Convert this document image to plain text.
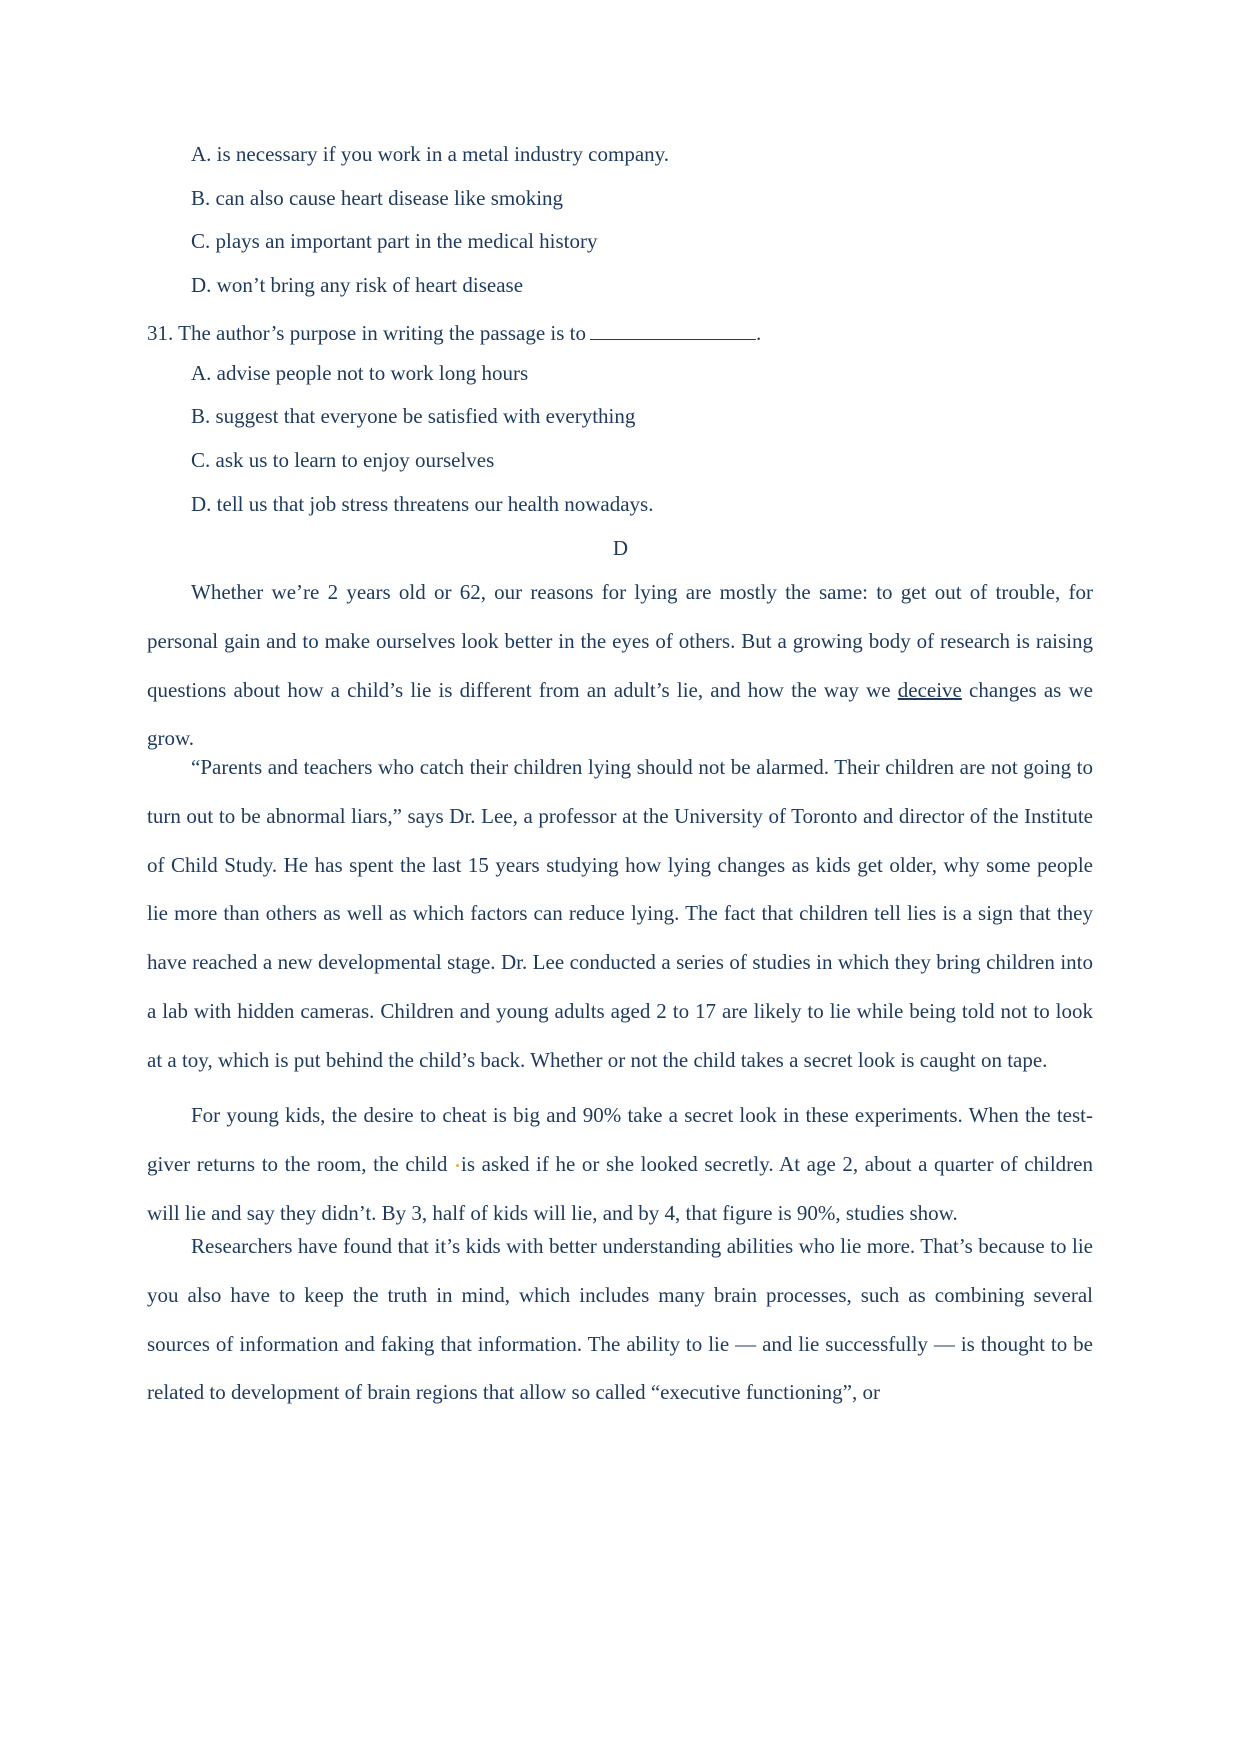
A. is necessary if you work in a metal industry company.
B. can also cause heart disease like smoking
C. plays an important part in the medical history
D. won’t bring any risk of heart disease
31. The author’s purpose in writing the passage is to	.
A. advise people not to work long hours
B. suggest that everyone be satisfied with everything
C. ask us to learn to enjoy ourselves
D. tell us that job stress threatens our health nowadays.
D

Whether we’re 2 years old or 62, our reasons for lying are mostly the same: to get out of trouble, for personal gain and to make ourselves look better in the eyes of others. But a growing body of research is raising questions about how a child’s lie is different from an adult’s lie, and how the way we deceive changes as we grow.

“Parents and teachers who catch their children lying should not be alarmed. Their children are not going to turn out to be abnormal liars,” says Dr. Lee, a professor at the University of Toronto and director of the Institute of Child Study. He has spent the last 15 years studying how lying changes as kids get older, why some people lie more than others as well as which factors can reduce lying. The fact that children tell lies is a sign that they have reached a new developmental stage. Dr. Lee conducted a series of studies in which they bring children into a lab with hidden cameras. Children and young adults aged 2 to 17 are likely to lie while being told not to look at a toy, which is put behind the child’s back. Whether or not the child takes a secret look is caught on tape.

For young kids, the desire to cheat is big and 90% take a secret look in these experiments. When the test-giver returns to the room, the child is asked if he or she looked secretly. At age 2, about a quarter of children will lie and say they didn’t. By 3, half of kids will lie, and by 4, that figure is 90%, studies show.

Researchers have found that it’s kids with better understanding abilities who lie more. That’s because to lie you also have to keep the truth in mind, which includes many brain processes, such as combining several sources of information and faking that information. The ability to lie — and lie successfully — is thought to be related to development of brain regions that allow so called “executive functioning”, or
